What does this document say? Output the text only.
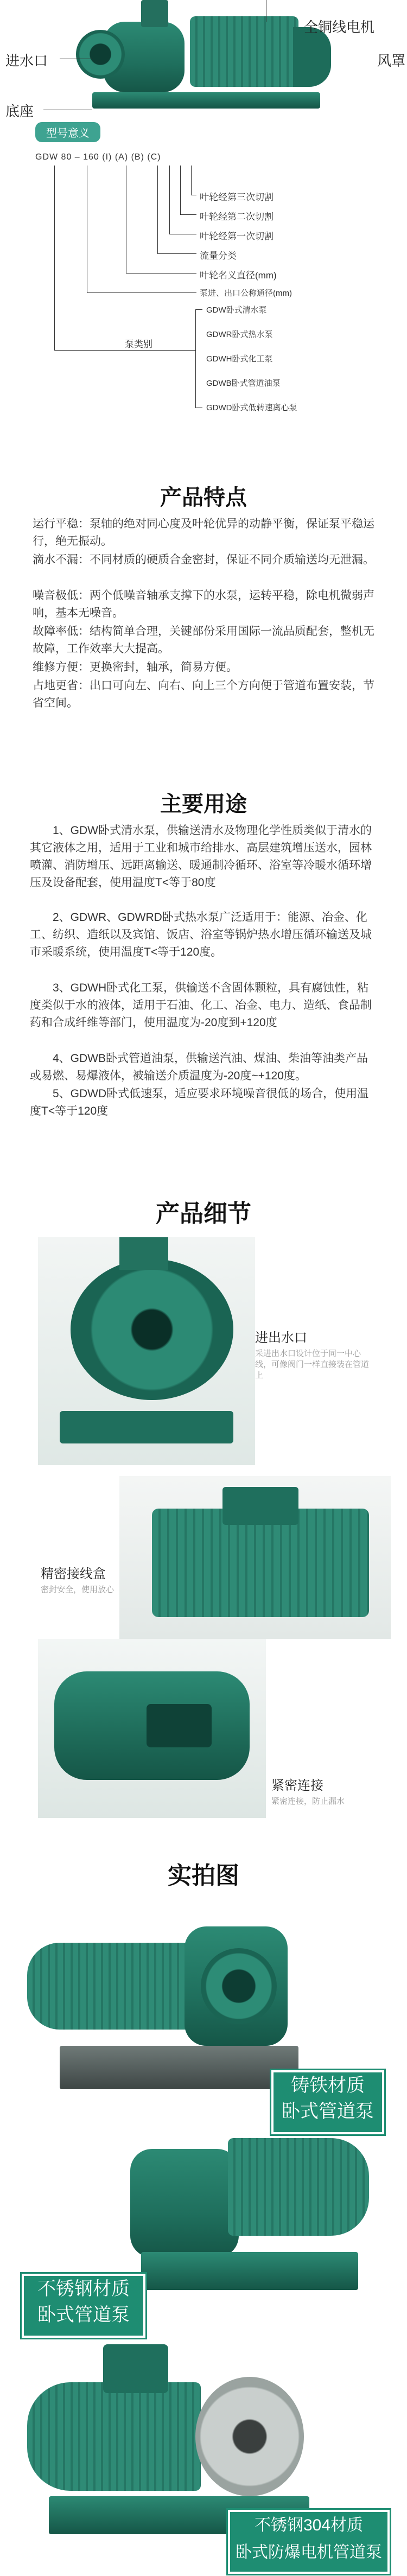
全铜线电机
进水口	风罩
底座
型号意义
GDW 80 – 160 (I) (A) (B) (C)
叶轮经第三次切割
叶轮经第二次切割
叶轮经第一次切割
流量分类
叶轮名义直径(mm)
泵进、出口公称通径(mm)
泵类别
GDW卧式清水泵
GDWR卧式热水泵
GDWH卧式化工泵
GDWB卧式管道油泵
GDWD卧式低转速离心泵
产品特点
运行平稳：泵轴的绝对同心度及叶轮优异的动静平衡，保证泵平稳运行，绝无振动。
滴水不漏：不同材质的硬质合金密封，保证不同介质输送均无泄漏。
噪音极低：两个低噪音轴承支撑下的水泵，运转平稳，除电机微弱声响，基本无噪音。
故障率低：结构简单合理，关键部份采用国际一流品质配套，整机无故障，工作效率大大提高。
维修方便：更换密封，轴承，简易方便。
占地更省：出口可向左、向右、向上三个方向便于管道布置安装，节省空间。
主要用途
1、GDW卧式清水泵，供输送清水及物理化学性质类似于清水的其它液体之用，适用于工业和城市给排水、高层建筑增压送水，园林喷灌、消防增压、远距离输送、暖通制冷循环、浴室等冷暖水循环增压及设备配套，使用温度T<等于80度
2、GDWR、GDWRD卧式热水泵广泛适用于：能源、冶金、化工、纺织、造纸以及宾馆、饭店、浴室等锅炉热水增压循环输送及城市采暖系统，使用温度T<等于120度。
3、GDWH卧式化工泵，供输送不含固体颗粒，具有腐蚀性，粘度类似于水的液体，适用于石油、化工、冶金、电力、造纸、食品制药和合成纤维等部门，使用温度为-20度到+120度
4、GDWB卧式管道油泵，供输送汽油、煤油、柴油等油类产品或易燃、易爆液体，被输送介质温度为-20度~+120度。
5、GDWD卧式低速泵，适应要求环境噪音很低的场合，使用温度T<等于120度
产品细节
进出水口
采进出水口设计位于同一中心线，可像阀门一样直接装在管道上
精密接线盒
密封安全，使用放心
紧密连接
紧密连接，防止漏水
实拍图
铸铁材质
卧式管道泵
不锈钢材质
卧式管道泵
不锈钢304材质
卧式防爆电机管道泵
